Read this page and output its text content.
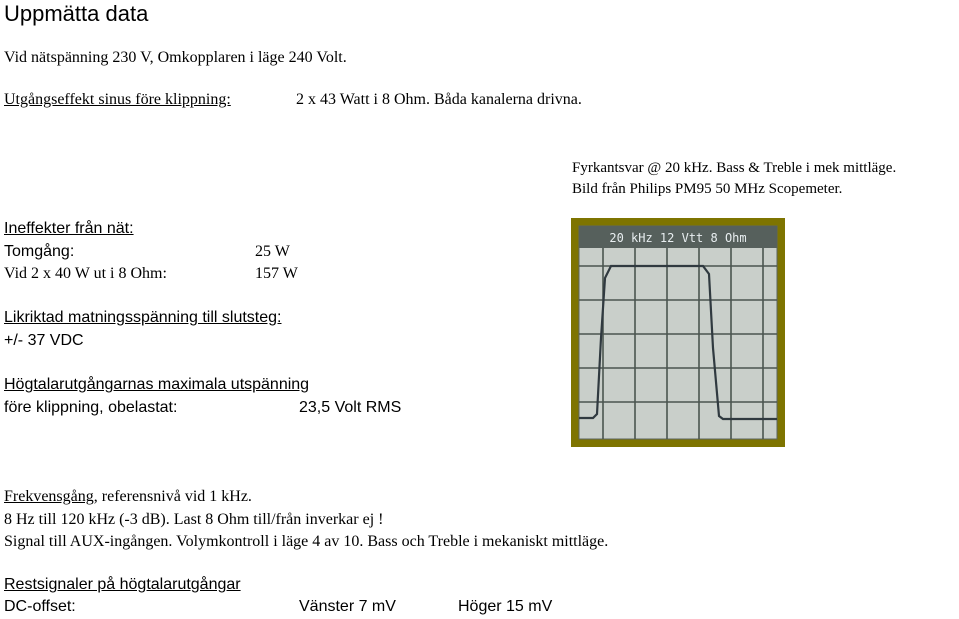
Uppmätta data
Vid nätspänning 230 V, Omkopplaren i läge 240 Volt.
Utgångseffekt sinus före klippning:	2 x 43 Watt i 8 Ohm. Båda kanalerna drivna.
Fyrkantsvar @ 20 kHz. Bass & Treble i mek mittläge.
Bild från Philips PM95 50 MHz Scopemeter.
Ineffekter från nät:
Tomgång:	25 W
Vid 2 x 40 W ut i 8 Ohm:	157 W
Likriktad matningsspänning till slutsteg:
+/- 37 VDC
Högtalarutgångarnas maximala utspänning
före klippning, obelastat:	23,5 Volt RMS
Frekvensgång, referensnivå vid 1 kHz.
8 Hz till 120 kHz (-3 dB). Last 8 Ohm till/från inverkar ej !
Signal till AUX-ingången. Volymkontroll i läge 4 av 10. Bass och Treble i mekaniskt mittläge.
Restsignaler på högtalarutgångar
DC-offset:	Vänster 7 mV	Höger 15 mV
20 kHz 12 Vtt 8 Ohm
